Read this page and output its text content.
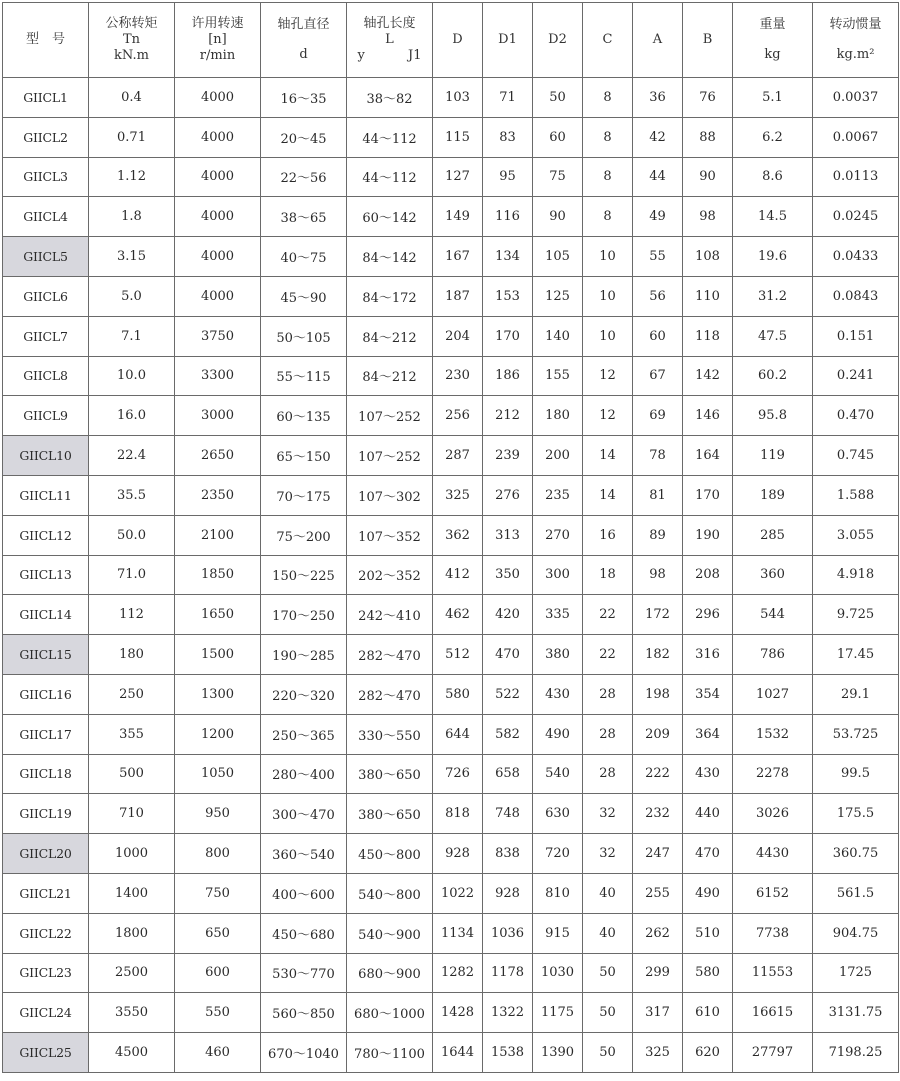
型　号	公称转矩
Tn
kN.m	许用转速
[n]
r/min	轴孔直径
d	轴孔长度
L
y J1	D	D1	D2	C	A	B	重量
kg	转动惯量
kg.m²

GIICL1	0.4	4000	16～35	38～82	103	71	50	8	36	76	5.1	0.0037
GIICL2	0.71	4000	20～45	44～112	115	83	60	8	42	88	6.2	0.0067
GIICL3	1.12	4000	22～56	44～112	127	95	75	8	44	90	8.6	0.0113
GIICL4	1.8	4000	38～65	60～142	149	116	90	8	49	98	14.5	0.0245
GIICL5	3.15	4000	40～75	84～142	167	134	105	10	55	108	19.6	0.0433
GIICL6	5.0	4000	45～90	84～172	187	153	125	10	56	110	31.2	0.0843
GIICL7	7.1	3750	50～105	84～212	204	170	140	10	60	118	47.5	0.151
GIICL8	10.0	3300	55～115	84～212	230	186	155	12	67	142	60.2	0.241
GIICL9	16.0	3000	60～135	107～252	256	212	180	12	69	146	95.8	0.470
GIICL10	22.4	2650	65～150	107～252	287	239	200	14	78	164	119	0.745
GIICL11	35.5	2350	70～175	107～302	325	276	235	14	81	170	189	1.588
GIICL12	50.0	2100	75～200	107～352	362	313	270	16	89	190	285	3.055
GIICL13	71.0	1850	150～225	202～352	412	350	300	18	98	208	360	4.918
GIICL14	112	1650	170～250	242～410	462	420	335	22	172	296	544	9.725
GIICL15	180	1500	190～285	282～470	512	470	380	22	182	316	786	17.45
GIICL16	250	1300	220～320	282～470	580	522	430	28	198	354	1027	29.1
GIICL17	355	1200	250～365	330～550	644	582	490	28	209	364	1532	53.725
GIICL18	500	1050	280～400	380～650	726	658	540	28	222	430	2278	99.5
GIICL19	710	950	300～470	380～650	818	748	630	32	232	440	3026	175.5
GIICL20	1000	800	360～540	450～800	928	838	720	32	247	470	4430	360.75
GIICL21	1400	750	400～600	540～800	1022	928	810	40	255	490	6152	561.5
GIICL22	1800	650	450～680	540～900	1134	1036	915	40	262	510	7738	904.75
GIICL23	2500	600	530～770	680～900	1282	1178	1030	50	299	580	11553	1725
GIICL24	3550	550	560～850	680～1000	1428	1322	1175	50	317	610	16615	3131.75
GIICL25	4500	460	670～1040	780～1100	1644	1538	1390	50	325	620	27797	7198.25
